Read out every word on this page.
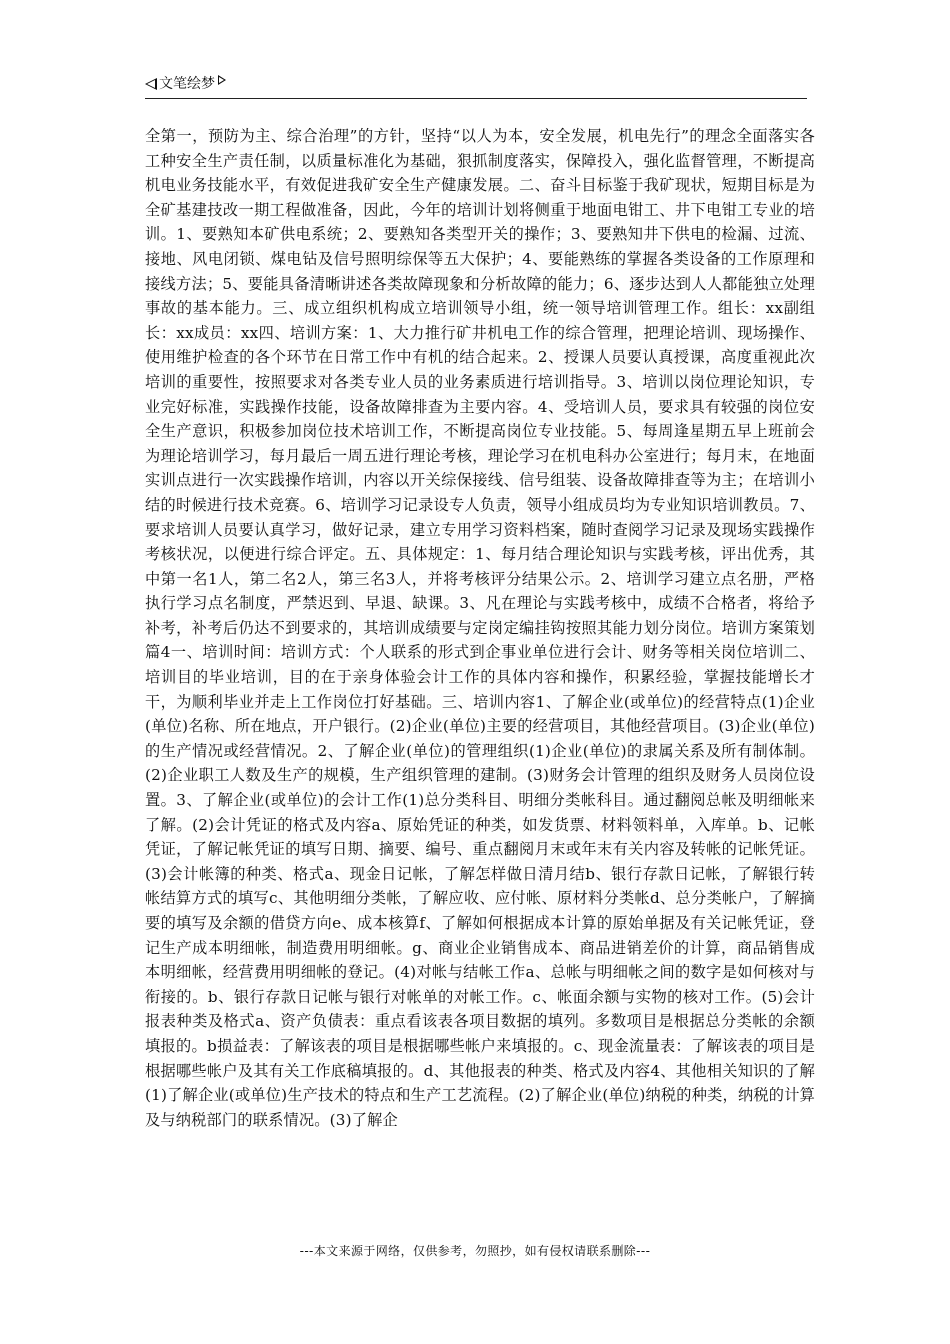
文笔绘梦
全第一，预防为主、综合治理”的方针，坚持“以人为本，安全发展，机电先行”的理念全面落实各工种安全生产责任制，以质量标准化为基础，狠抓制度落实，保障投入，强化监督管理，不断提高机电业务技能水平，有效促进我矿安全生产健康发展。二、奋斗目标鉴于我矿现状，短期目标是为全矿基建技改一期工程做准备，因此，今年的培训计划将侧重于地面电钳工、井下电钳工专业的培训。1、要熟知本矿供电系统；2、要熟知各类型开关的操作；3、要熟知井下供电的检漏、过流、接地、风电闭锁、煤电钻及信号照明综保等五大保护；4、要能熟练的掌握各类设备的工作原理和接线方法；5、要能具备清晰讲述各类故障现象和分析故障的能力；6、逐步达到人人都能独立处理事故的基本能力。三、成立组织机构成立培训领导小组，统一领导培训管理工作。组长：xx副组长：xx成员：xx四、培训方案：1、大力推行矿井机电工作的综合管理，把理论培训、现场操作、使用维护检查的各个环节在日常工作中有机的结合起来。2、授课人员要认真授课，高度重视此次培训的重要性，按照要求对各类专业人员的业务素质进行培训指导。3、培训以岗位理论知识，专业完好标准，实践操作技能，设备故障排查为主要内容。4、受培训人员，要求具有较强的岗位安全生产意识，积极参加岗位技术培训工作，不断提高岗位专业技能。5、每周逢星期五早上班前会为理论培训学习，每月最后一周五进行理论考核，理论学习在机电科办公室进行；每月末，在地面实训点进行一次实践操作培训，内容以开关综保接线、信号组装、设备故障排查等为主；在培训小结的时候进行技术竞赛。6、培训学习记录设专人负责，领导小组成员均为专业知识培训教员。7、要求培训人员要认真学习，做好记录，建立专用学习资料档案，随时查阅学习记录及现场实践操作考核状况，以便进行综合评定。五、具体规定：1、每月结合理论知识与实践考核，评出优秀，其中第一名1人，第二名2人，第三名3人，并将考核评分结果公示。2、培训学习建立点名册，严格执行学习点名制度，严禁迟到、早退、缺课。3、凡在理论与实践考核中，成绩不合格者，将给予补考，补考后仍达不到要求的，其培训成绩要与定岗定编挂钩按照其能力划分岗位。培训方案策划篇4一、培训时间：培训方式：个人联系的形式到企事业单位进行会计、财务等相关岗位培训二、培训目的毕业培训，目的在于亲身体验会计工作的具体内容和操作，积累经验，掌握技能增长才干，为顺利毕业并走上工作岗位打好基础。三、培训内容1、了解企业(或单位)的经营特点(1)企业(单位)名称、所在地点，开户银行。(2)企业(单位)主要的经营项目，其他经营项目。(3)企业(单位)的生产情况或经营情况。2、了解企业(单位)的管理组织(1)企业(单位)的隶属关系及所有制体制。(2)企业职工人数及生产的规模，生产组织管理的建制。(3)财务会计管理的组织及财务人员岗位设置。3、了解企业(或单位)的会计工作(1)总分类科目、明细分类帐科目。通过翻阅总帐及明细帐来了解。(2)会计凭证的格式及内容a、原始凭证的种类，如发货票、材料领料单，入库单。b、记帐凭证，了解记帐凭证的填写日期、摘要、编号、重点翻阅月末或年末有关内容及转帐的记帐凭证。(3)会计帐簿的种类、格式a、现金日记帐，了解怎样做日清月结b、银行存款日记帐，了解银行转帐结算方式的填写c、其他明细分类帐，了解应收、应付帐、原材料分类帐d、总分类帐户，了解摘要的填写及余额的借贷方向e、成本核算f、了解如何根据成本计算的原始单据及有关记帐凭证，登记生产成本明细帐，制造费用明细帐。g、商业企业销售成本、商品进销差价的计算，商品销售成本明细帐，经营费用明细帐的登记。(4)对帐与结帐工作a、总帐与明细帐之间的数字是如何核对与衔接的。b、银行存款日记帐与银行对帐单的对帐工作。c、帐面余额与实物的核对工作。(5)会计报表种类及格式a、资产负债表：重点看该表各项目数据的填列。多数项目是根据总分类帐的余额填报的。b损益表：了解该表的项目是根据哪些帐户来填报的。c、现金流量表：了解该表的项目是根据哪些帐户及其有关工作底稿填报的。d、其他报表的种类、格式及内容4、其他相关知识的了解(1)了解企业(或单位)生产技术的特点和生产工艺流程。(2)了解企业(单位)纳税的种类，纳税的计算及与纳税部门的联系情况。(3)了解企
---本文来源于网络，仅供参考，勿照抄，如有侵权请联系删除---
